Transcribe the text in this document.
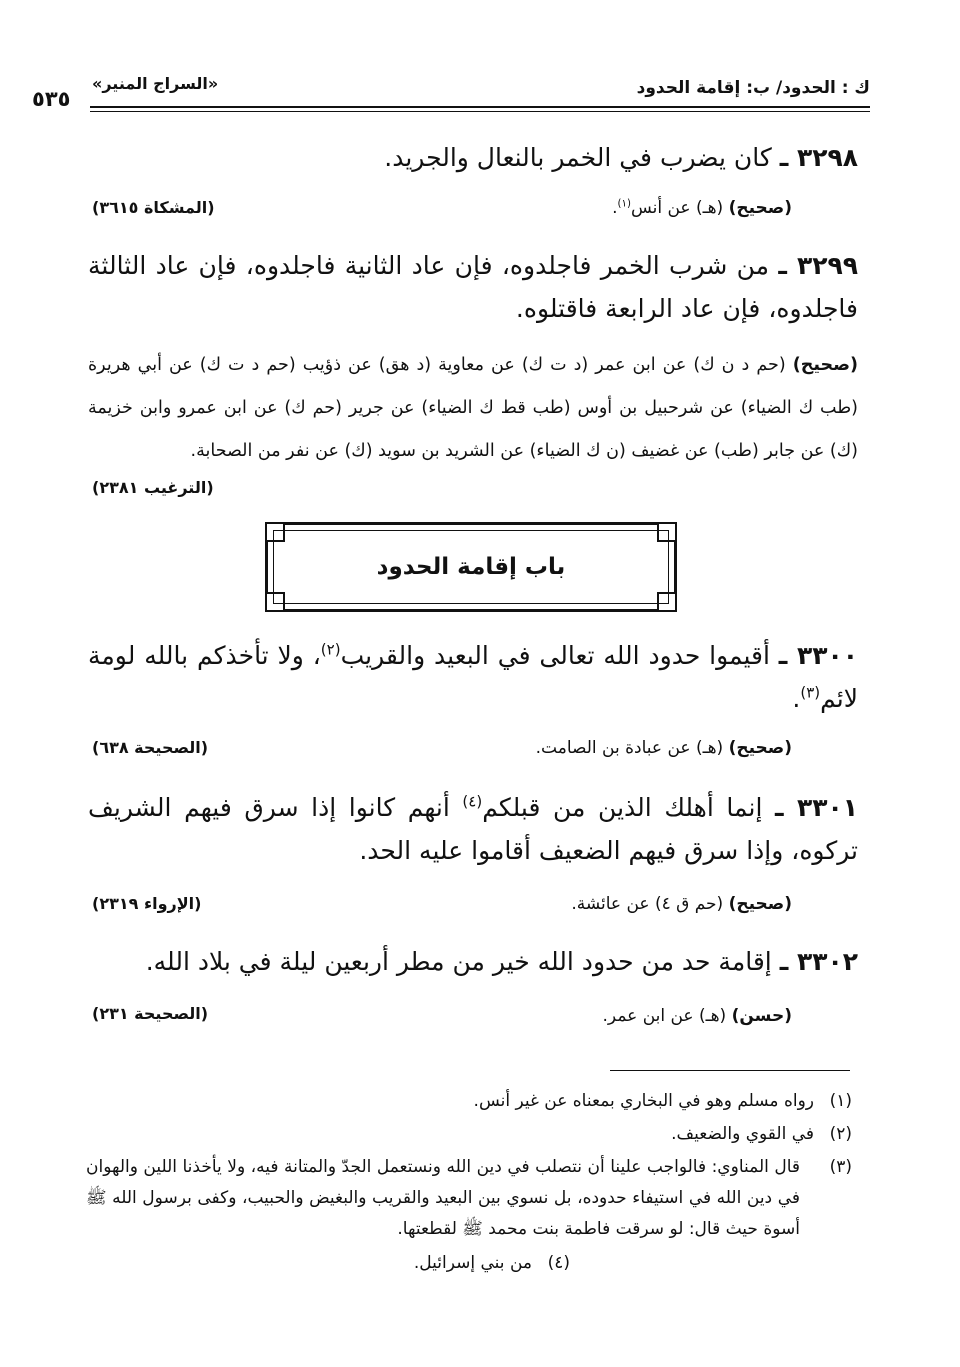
ك : الحدود/ ب: إقامة الحدود
«السراج المنير»
٥٣٥
٣٢٩٨ ـ كان يضرب في الخمر بالنعال والجريد.
(صحيح) (هـ) عن أنس$^{(١)}$.
(المشكاة ٣٦١٥)
٣٢٩٩ ـ من شرب الخمر فاجلدوه، فإن عاد الثانية فاجلدوه، فإن عاد الثالثة فاجلدوه، فإن عاد الرابعة فاقتلوه.
(صحيح) (حم د ن ك) عن ابن عمر (د ت ك) عن معاوية (د هق) عن ذؤيب (حم د ت ك) عن أبي هريرة (طب ك الضياء) عن شرحبيل بن أوس (طب قط ك الضياء) عن جرير (حم ك) عن ابن عمرو وابن خزيمة (ك) عن جابر (طب) عن غضيف (ن ك الضياء) عن الشريد بن سويد (ك) عن نفر من الصحابة.
(الترغيب ٢٣٨١)
باب إقامة الحدود
٣٣٠٠ ـ أقيموا حدود الله تعالى في البعيد والقريب$^{(٢)}$، ولا تأخذكم بالله لومة لائم$^{(٣)}$.
(صحيح) (هـ) عن عبادة بن الصامت.
(الصحيحة ٦٣٨)
٣٣٠١ ـ إنما أهلك الذين من قبلكم$^{(٤)}$ أنهم كانوا إذا سرق فيهم الشريف تركوه، وإذا سرق فيهم الضعيف أقاموا عليه الحد.
(صحيح) (حم ق ٤) عن عائشة.
(الإرواء ٢٣١٩)
٣٣٠٢ ـ إقامة حد من حدود الله خير من مطر أربعين ليلة في بلاد الله.
(حسن) (هـ) عن ابن عمر.
(الصحيحة ٢٣١)
(١)رواه مسلم وهو في البخاري بمعناه عن غير أنس.
(٢)في القوي والضعيف.
(٣)
قال المناوي: فالواجب علينا أن نتصلب في دين الله ونستعمل الجدّ والمتانة فيه، ولا يأخذنا اللين والهوان في دين الله في استيفاء حدوده، بل نسوي بين البعيد والقريب والبغيض والحبيب، وكفى برسول الله ﷺ أسوة حيث قال: لو سرقت فاطمة بنت محمد ﷺ لقطعتها.
(٤)من بني إسرائيل.
